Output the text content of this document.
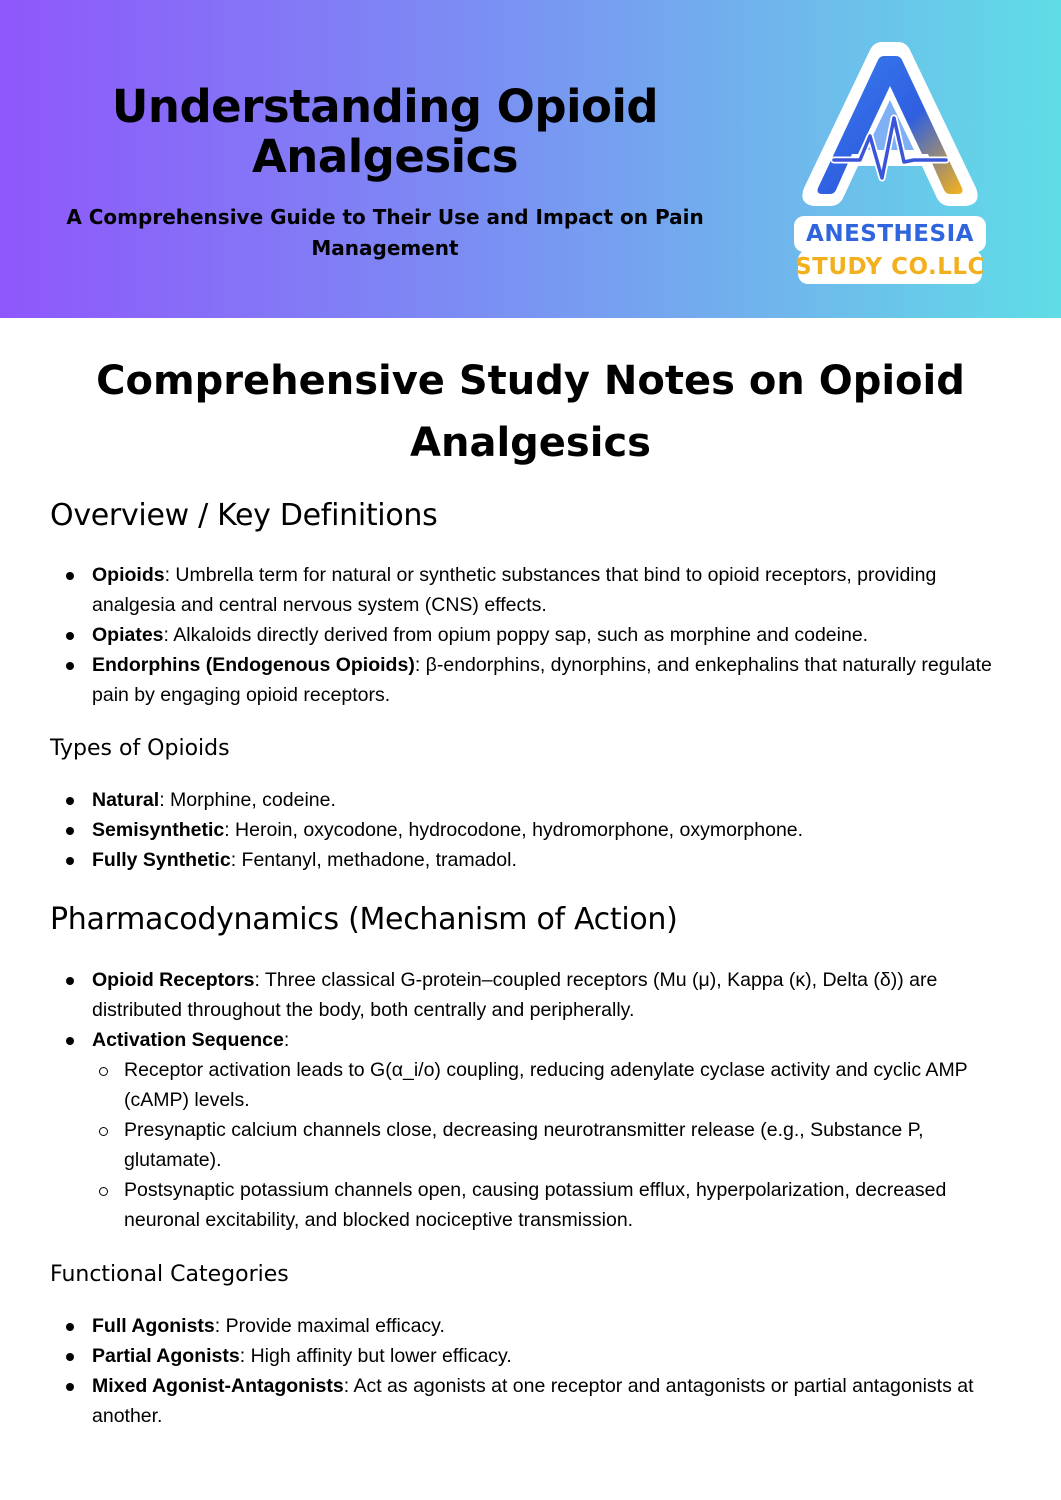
Understanding Opioid Analgesics
A Comprehensive Guide to Their Use and Impact on Pain Management
ANESTHESIA
STUDY CO.LLC
Comprehensive Study Notes on Opioid Analgesics
Overview / Key Definitions
Opioids: Umbrella term for natural or synthetic substances that bind to opioid receptors, providing analgesia and central nervous system (CNS) effects.
Opiates: Alkaloids directly derived from opium poppy sap, such as morphine and codeine.
Endorphins (Endogenous Opioids): β-endorphins, dynorphins, and enkephalins that naturally regulate pain by engaging opioid receptors.
Types of Opioids
Natural: Morphine, codeine.
Semisynthetic: Heroin, oxycodone, hydrocodone, hydromorphone, oxymorphone.
Fully Synthetic: Fentanyl, methadone, tramadol.
Pharmacodynamics (Mechanism of Action)
Opioid Receptors: Three classical G-protein–coupled receptors (Mu (μ), Kappa (κ), Delta (δ)) are distributed throughout the body, both centrally and peripherally.
Activation Sequence:
Receptor activation leads to G(α_i/o) coupling, reducing adenylate cyclase activity and cyclic AMP (cAMP) levels.
Presynaptic calcium channels close, decreasing neurotransmitter release (e.g., Substance P, glutamate).
Postsynaptic potassium channels open, causing potassium efflux, hyperpolarization, decreased neuronal excitability, and blocked nociceptive transmission.
Functional Categories
Full Agonists: Provide maximal efficacy.
Partial Agonists: High affinity but lower efficacy.
Mixed Agonist-Antagonists: Act as agonists at one receptor and antagonists or partial antagonists at another.
